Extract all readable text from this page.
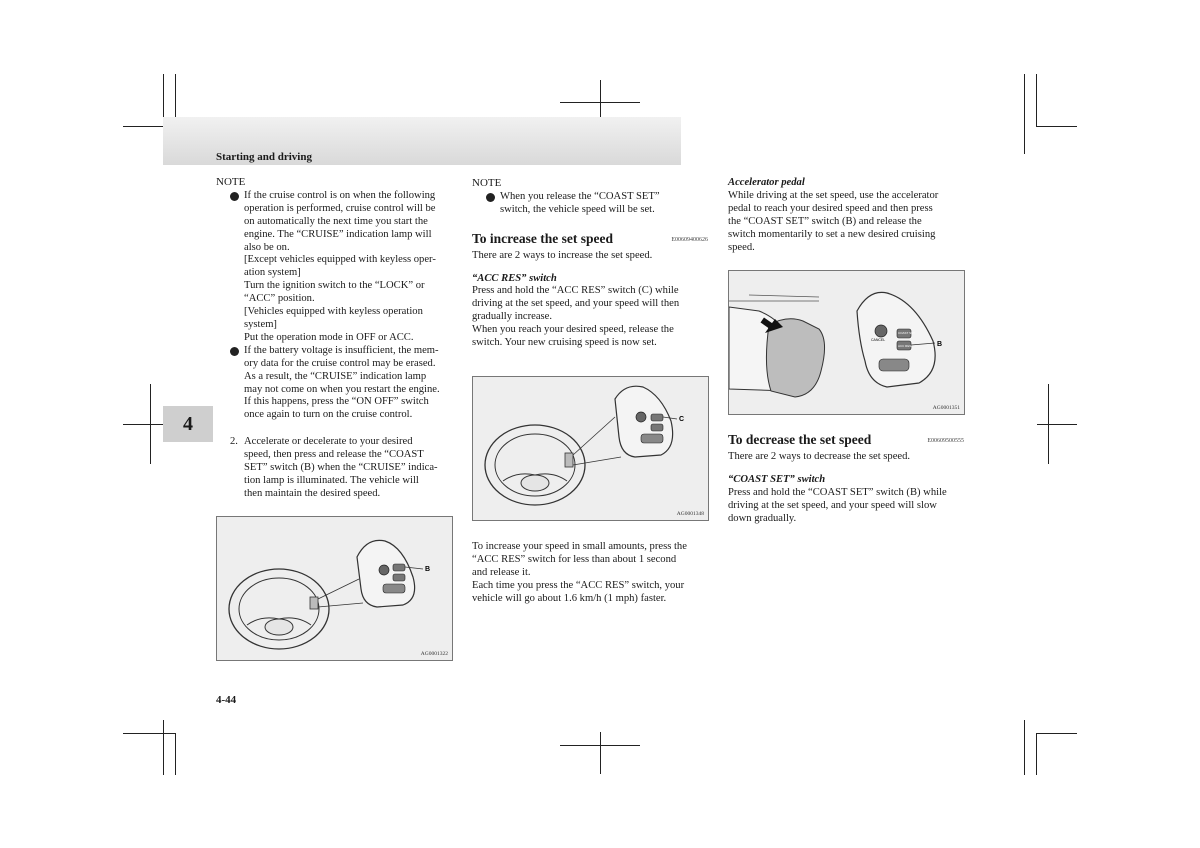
Starting and driving
4
4-44
NOTE

If the cruise control is on when the following

operation is performed, cruise control will be

on automatically the next time you start the

engine. The “CRUISE” indication lamp will

also be on.

[Except vehicles equipped with keyless oper-

ation system]

Turn the ignition switch to the “LOCK” or

“ACC” position.

[Vehicles equipped with keyless operation

system]

Put the operation mode in OFF or ACC.

If the battery voltage is insufficient, the mem-

ory data for the cruise control may be erased.

As a result, the “CRUISE” indication lamp

may not come on when you restart the engine.

If this happens, press the “ON OFF” switch

once again to turn on the cruise control.

2. Accelerate or decelerate to your desired

speed, then press and release the “COAST

SET” switch (B) when the “CRUISE” indica-

tion lamp is illuminated. The vehicle will

then maintain the desired speed.

B
AG0001322
NOTE

When you release the “COAST SET”

switch, the vehicle speed will be set.

To increase the set speed	E00609400626

There are 2 ways to increase the set speed.

“ACC RES” switch

Press and hold the “ACC RES” switch (C) while

driving at the set speed, and your speed will then

gradually increase.

When you reach your desired speed, release the

switch. Your new cruising speed is now set.

C
AG0001348

To increase your speed in small amounts, press the

“ACC RES” switch for less than about 1 second

and release it.

Each time you press the “ACC RES” switch, your

vehicle will go about 1.6 km/h (1 mph) faster.

Accelerator pedal

While driving at the set speed, use the accelerator

pedal to reach your desired speed and then press

the “COAST SET” switch (B) and release the

switch momentarily to set a new desired cruising

speed.

CANCEL
COAST SET
ACC RES	B
AG0001351
To decrease the set speed	E00609500555

There are 2 ways to decrease the set speed.

“COAST SET” switch

Press and hold the “COAST SET” switch (B) while

driving at the set speed, and your speed will slow

down gradually.
